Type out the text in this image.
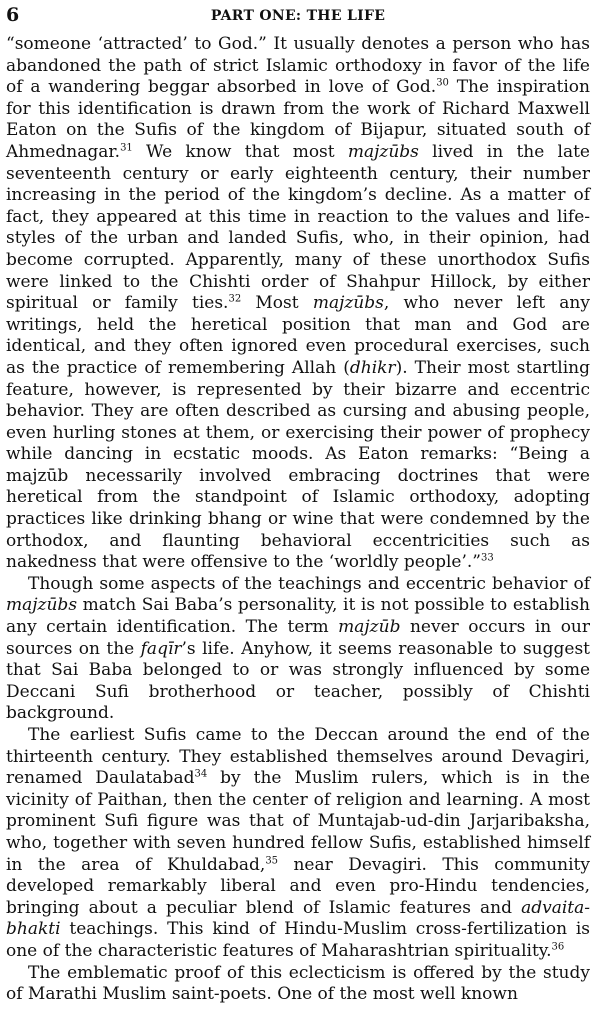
6	PART ONE: THE LIFE

“someone ‘attracted’ to God.” It usually denotes a person who has abandoned the path of strict Islamic orthodoxy in favor of the life of a wandering beggar absorbed in love of God.$^{30}$ The inspiration for this identification is drawn from the work of Richard Maxwell Eaton on the Sufis of the kingdom of Bijapur, situated south of Ahmednagar.$^{31}$ We know that most majzūbs lived in the late seventeenth century or early eighteenth century, their number increasing in the period of the kingdom’s decline. As a matter of fact, they appeared at this time in reaction to the values and life-styles of the urban and landed Sufis, who, in their opinion, had become corrupted. Apparently, many of these unorthodox Sufis were linked to the Chishti order of Shahpur Hillock, by either spiritual or family ties.$^{32}$ Most majzūbs, who never left any writings, held the heretical position that man and God are identical, and they often ignored even procedural exercises, such as the practice of remembering Allah (dhikr). Their most startling feature, however, is represented by their bizarre and eccentric behavior. They are often described as cursing and abusing people, even hurling stones at them, or exercising their power of prophecy while dancing in ecstatic moods. As Eaton remarks: “Being a majzūb necessarily involved embracing doctrines that were heretical from the standpoint of Islamic orthodoxy, adopting practices like drinking bhang or wine that were condemned by the orthodox, and flaunting behavioral eccentricities such as nakedness that were offensive to the ‘worldly people’.”$^{33}$

Though some aspects of the teachings and eccentric behavior of majzūbs match Sai Baba’s personality, it is not possible to establish any certain identification. The term majzūb never occurs in our sources on the faqīr’s life. Anyhow, it seems reasonable to suggest that Sai Baba belonged to or was strongly influenced by some Deccani Sufi brotherhood or teacher, possibly of Chishti background.

The earliest Sufis came to the Deccan around the end of the thirteenth century. They established themselves around Devagiri, renamed Daulatabad$^{34}$ by the Muslim rulers, which is in the vicinity of Paithan, then the center of religion and learning. A most prominent Sufi figure was that of Muntajab-ud-din Jarjaribaksha, who, together with seven hundred fellow Sufis, established himself in the area of Khuldabad,$^{35}$ near Devagiri. This community developed remarkably liberal and even pro-Hindu tendencies, bringing about a peculiar blend of Islamic features and advaita-bhakti teachings. This kind of Hindu-Muslim cross-fertilization is one of the characteristic features of Maharashtrian spirituality.$^{36}$

The emblematic proof of this eclecticism is offered by the study of Marathi Muslim saint-poets. One of the most well known
